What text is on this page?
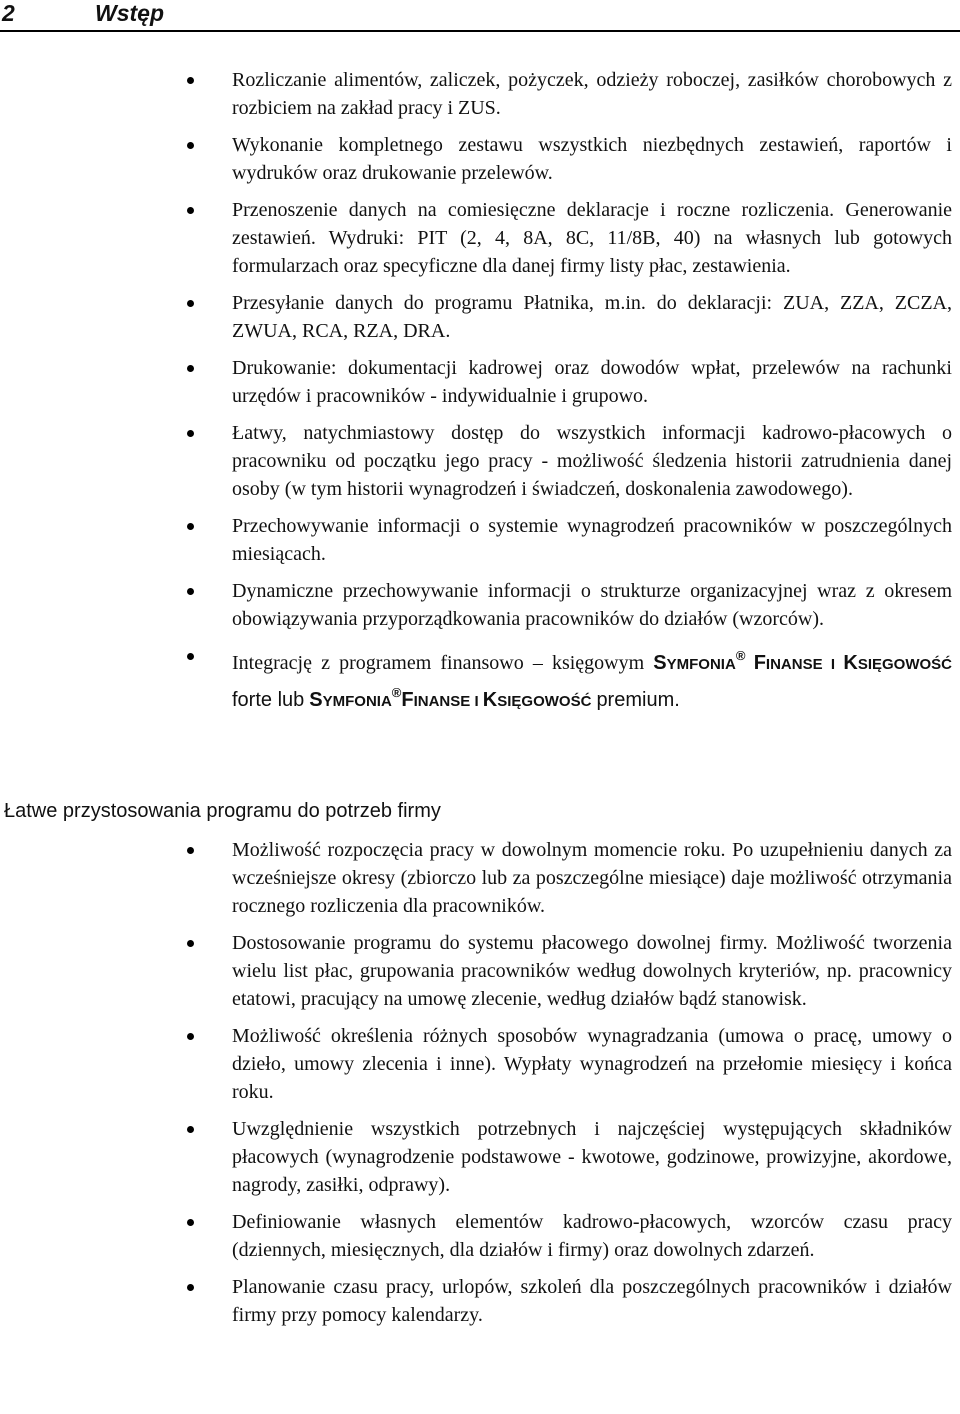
2	Wstęp
Rozliczanie alimentów, zaliczek, pożyczek, odzieży roboczej, zasiłków chorobowych z rozbiciem na zakład pracy i ZUS.
Wykonanie kompletnego zestawu wszystkich niezbędnych zestawień, raportów i wydruków oraz drukowanie przelewów.
Przenoszenie danych na comiesięczne deklaracje i roczne rozliczenia. Generowanie zestawień. Wydruki: PIT (2, 4, 8A, 8C, 11/8B, 40) na własnych lub gotowych formularzach oraz specyficzne dla danej firmy listy płac, zestawienia.
Przesyłanie danych do programu Płatnika, m.in. do deklaracji: ZUA, ZZA, ZCZA, ZWUA, RCA, RZA, DRA.
Drukowanie: dokumentacji kadrowej oraz dowodów wpłat, przelewów na rachunki urzędów i pracowników - indywidualnie i grupowo.
Łatwy, natychmiastowy dostęp do wszystkich informacji kadrowo-płacowych o pracowniku od początku jego pracy - możliwość śledzenia historii zatrudnienia danej osoby (w tym historii wynagrodzeń i świadczeń, doskonalenia zawodowego).
Przechowywanie informacji o systemie wynagrodzeń pracowników w poszczególnych miesiącach.
Dynamiczne przechowywanie informacji o strukturze organizacyjnej wraz z okresem obowiązywania przyporządkowania pracowników do działów (wzorców).
Integrację z programem finansowo – księgowym SYMFONIA® FINANSE I KSIĘGOWOŚĆ forte lub SYMFONIA®FINANSE I KSIĘGOWOŚĆ premium.
Łatwe przystosowania programu do potrzeb firmy
Możliwość rozpoczęcia pracy w dowolnym momencie roku. Po uzupełnieniu danych za wcześniejsze okresy (zbiorczo lub za poszczególne miesiące) daje możliwość otrzymania rocznego rozliczenia dla pracowników.
Dostosowanie programu do systemu płacowego dowolnej firmy. Możliwość tworzenia wielu list płac, grupowania pracowników według dowolnych kryteriów, np. pracownicy etatowi, pracujący na umowę zlecenie, według działów bądź stanowisk.
Możliwość określenia różnych sposobów wynagradzania (umowa o pracę, umowy o dzieło, umowy zlecenia i inne). Wypłaty wynagrodzeń na przełomie miesięcy i końca roku.
Uwzględnienie wszystkich potrzebnych i najczęściej występujących składników płacowych (wynagrodzenie podstawowe - kwotowe, godzinowe, prowizyjne, akordowe, nagrody, zasiłki, odprawy).
Definiowanie własnych elementów kadrowo-płacowych, wzorców czasu pracy (dziennych, miesięcznych, dla działów i firmy) oraz dowolnych zdarzeń.
Planowanie czasu pracy, urlopów, szkoleń dla poszczególnych pracowników i działów firmy przy pomocy kalendarzy.
